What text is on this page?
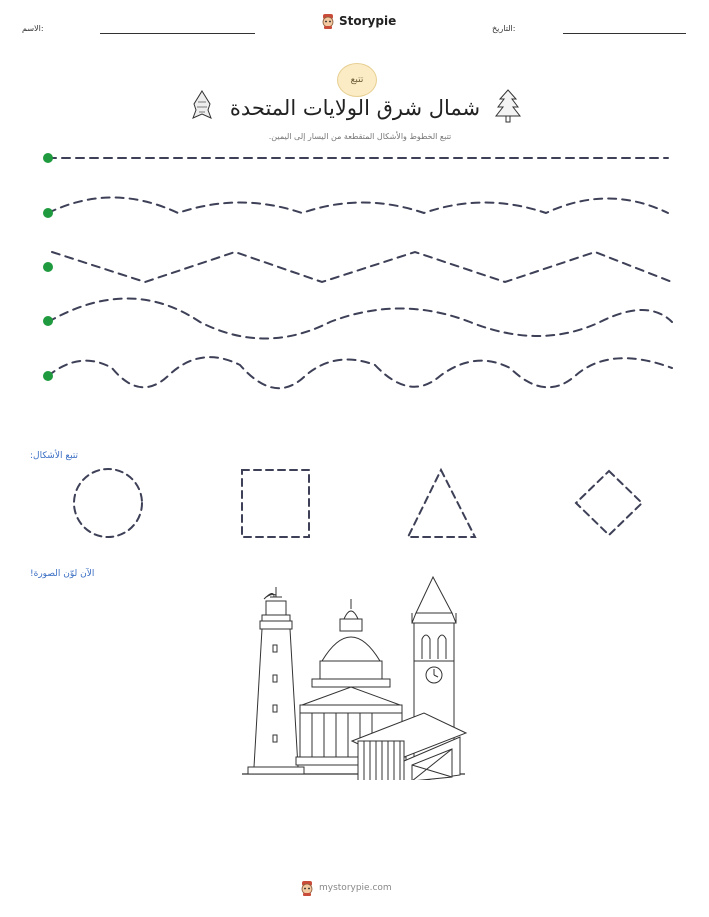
الاسم:
Storypie
التاريخ:
تتبع
شمال شرق الولايات المتحدة
تتبع الخطوط والأشكال المتقطعة من اليسار إلى اليمين.
تتبع الأشكال:
الآن لوّن الصورة!
mystorypie.com
